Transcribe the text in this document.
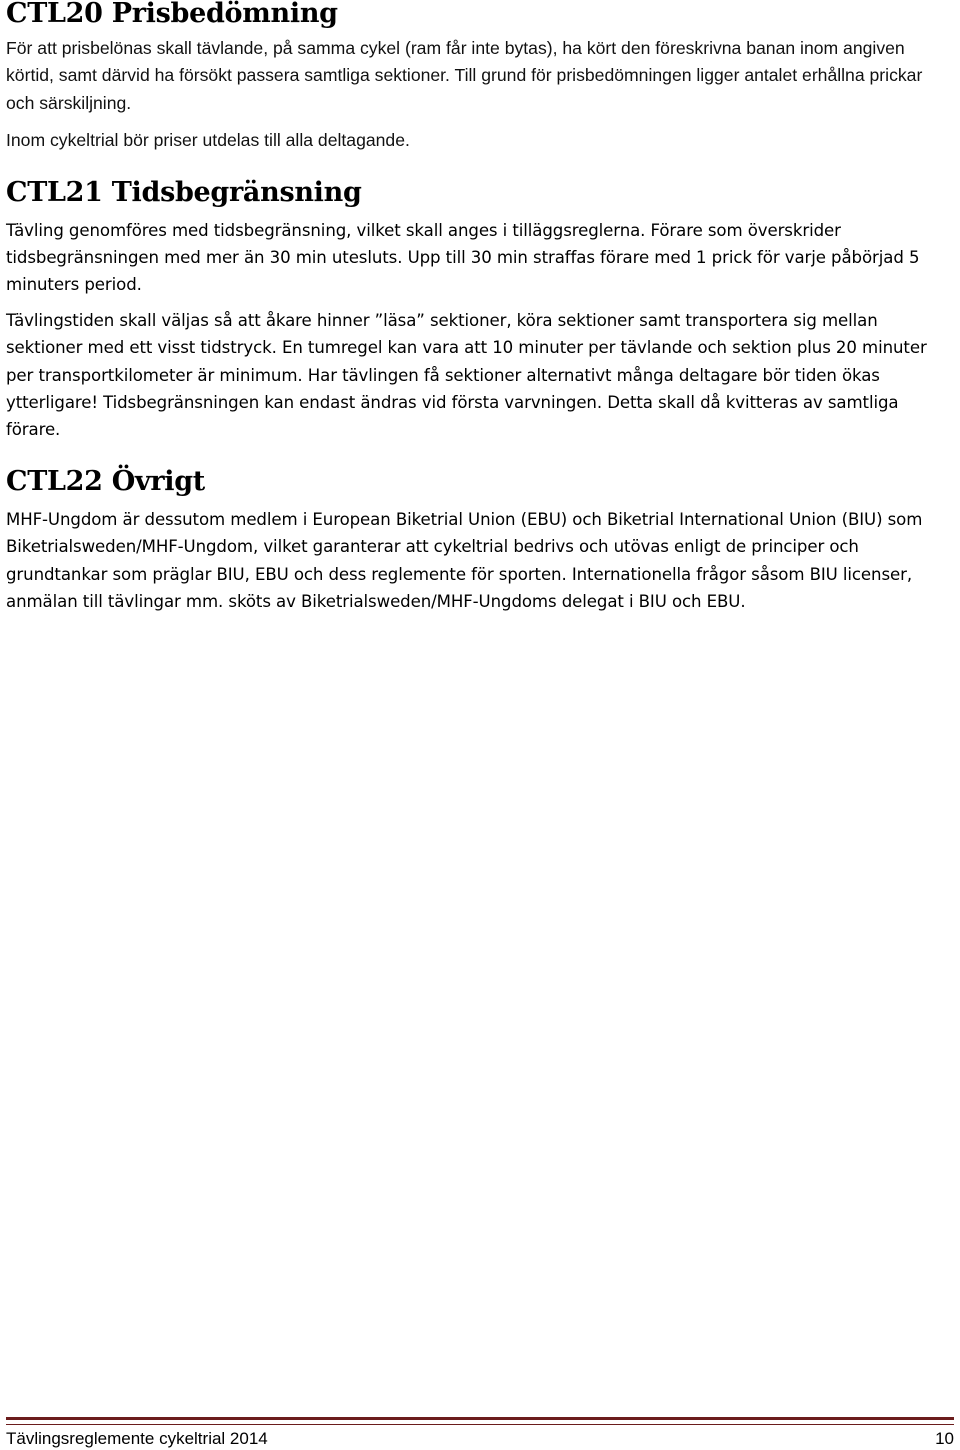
CTL20 Prisbedömning

För att prisbelönas skall tävlande, på samma cykel (ram får inte bytas), ha kört den föreskrivna banan inom angiven körtid, samt därvid ha försökt passera samtliga sektioner. Till grund för prisbedömningen ligger antalet erhållna prickar och särskiljning.

Inom cykeltrial bör priser utdelas till alla deltagande.

CTL21 Tidsbegränsning

Tävling genomföres med tidsbegränsning, vilket skall anges i tilläggsreglerna. Förare som överskrider tidsbegränsningen med mer än 30 min utesluts. Upp till 30 min straffas förare med 1 prick för varje påbörjad 5 minuters period.

Tävlingstiden skall väljas så att åkare hinner ”läsa” sektioner, köra sektioner samt transportera sig mellan sektioner med ett visst tidstryck. En tumregel kan vara att 10 minuter per tävlande och sektion plus 20 minuter per transportkilometer är minimum. Har tävlingen få sektioner alternativt många deltagare bör tiden ökas ytterligare! Tidsbegränsningen kan endast ändras vid första varvningen. Detta skall då kvitteras av samtliga förare.

CTL22 Övrigt

MHF-Ungdom är dessutom medlem i European Biketrial Union (EBU) och Biketrial International Union (BIU) som Biketrialsweden/MHF-Ungdom, vilket garanterar att cykeltrial bedrivs och utövas enligt de principer och grundtankar som präglar BIU, EBU och dess reglemente för sporten. Internationella frågor såsom BIU licenser, anmälan till tävlingar mm. sköts av Biketrialsweden/MHF-Ungdoms delegat i BIU och EBU.

Tävlingsreglemente cykeltrial 2014	10
